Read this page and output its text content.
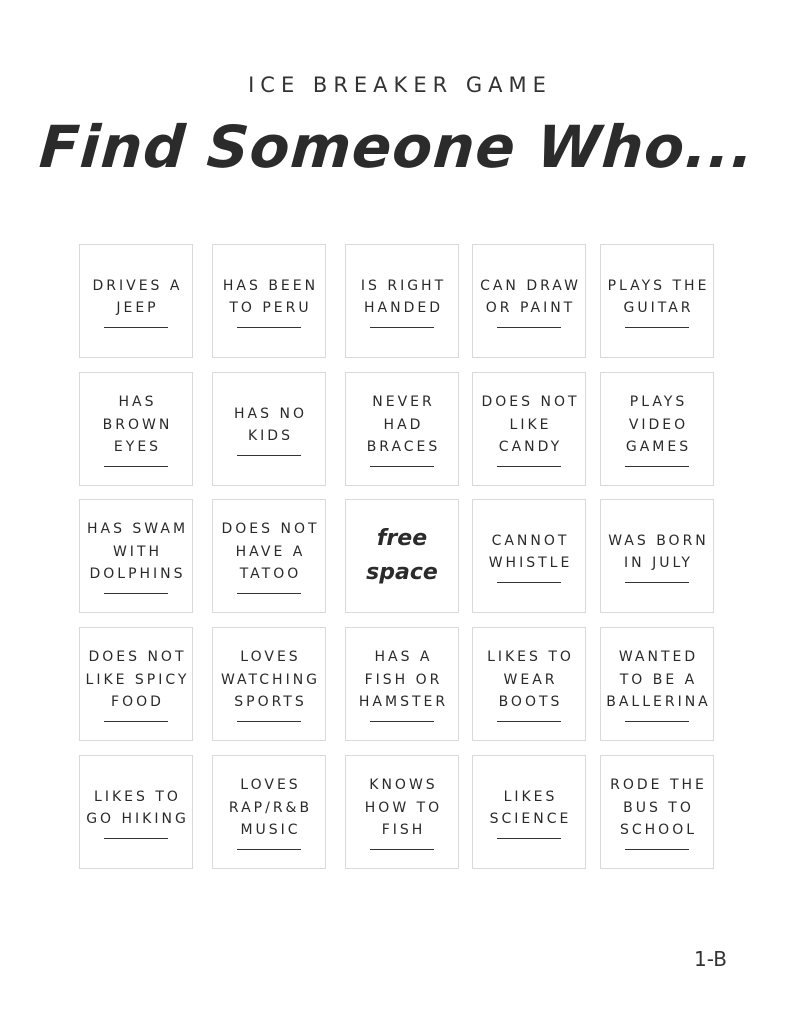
ICE BREAKER GAME
Find Someone Who...
DRIVES A
JEEP
HAS BEEN
TO PERU
IS RIGHT
HANDED
CAN DRAW
OR PAINT
PLAYS THE
GUITAR
HAS
BROWN
EYES
HAS NO
KIDS
NEVER
HAD
BRACES
DOES NOT
LIKE
CANDY
PLAYS
VIDEO
GAMES
HAS SWAM
WITH
DOLPHINS
DOES NOT
HAVE A
TATOO
free
space
CANNOT
WHISTLE
WAS BORN
IN JULY
DOES NOT
LIKE SPICY
FOOD
LOVES
WATCHING
SPORTS
HAS A
FISH OR
HAMSTER
LIKES TO
WEAR
BOOTS
WANTED
TO BE A
BALLERINA
LIKES TO
GO HIKING
LOVES
RAP/R&B
MUSIC
KNOWS
HOW TO
FISH
LIKES
SCIENCE
RODE THE
BUS TO
SCHOOL
1-B
